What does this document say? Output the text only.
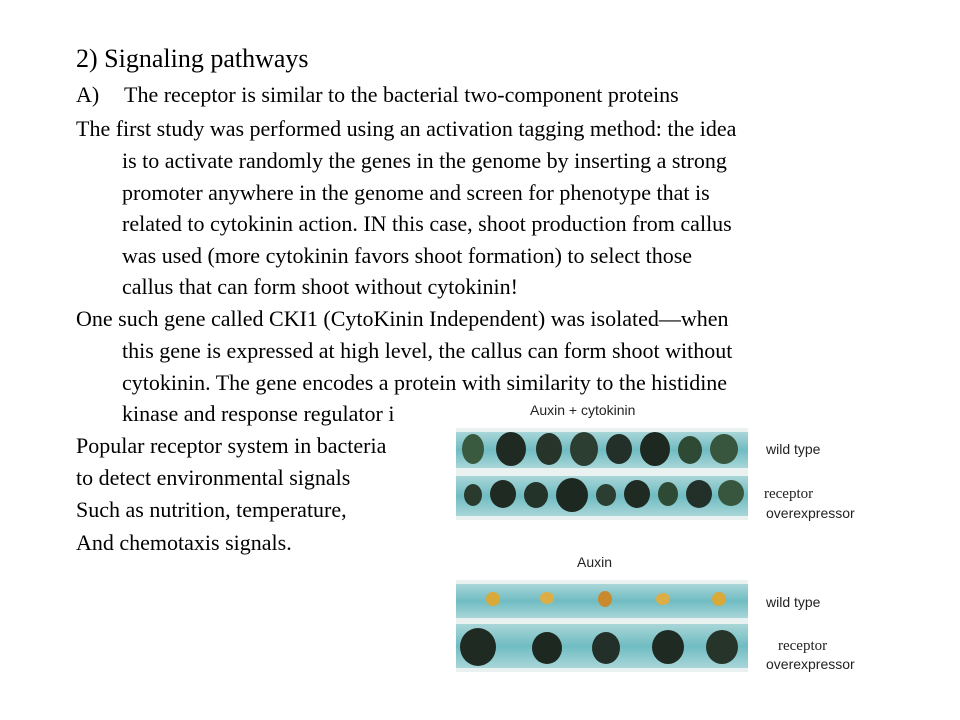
2) Signaling pathways
A) The receptor is similar to the bacterial two-component proteins
The first study was performed using an activation tagging method: the idea
is to activate randomly the genes in the genome by inserting a strong
promoter anywhere in the genome and screen for phenotype that is
related to cytokinin action. IN this case, shoot production from callus
was used (more cytokinin favors shoot formation) to select those
callus that can form shoot without cytokinin!
One such gene called CKI1 (CytoKinin Independent) was isolated—when
this gene is expressed at high level, the callus can form shoot without
cytokinin. The gene encodes a protein with similarity to the histidine
kinase and response regulator i
Popular receptor system in bacteria
to detect environmental signals
Such as nutrition, temperature,
And chemotaxis signals.
Auxin + cytokinin
wild type
receptor
overexpressor
Auxin
wild type
receptor
overexpressor
